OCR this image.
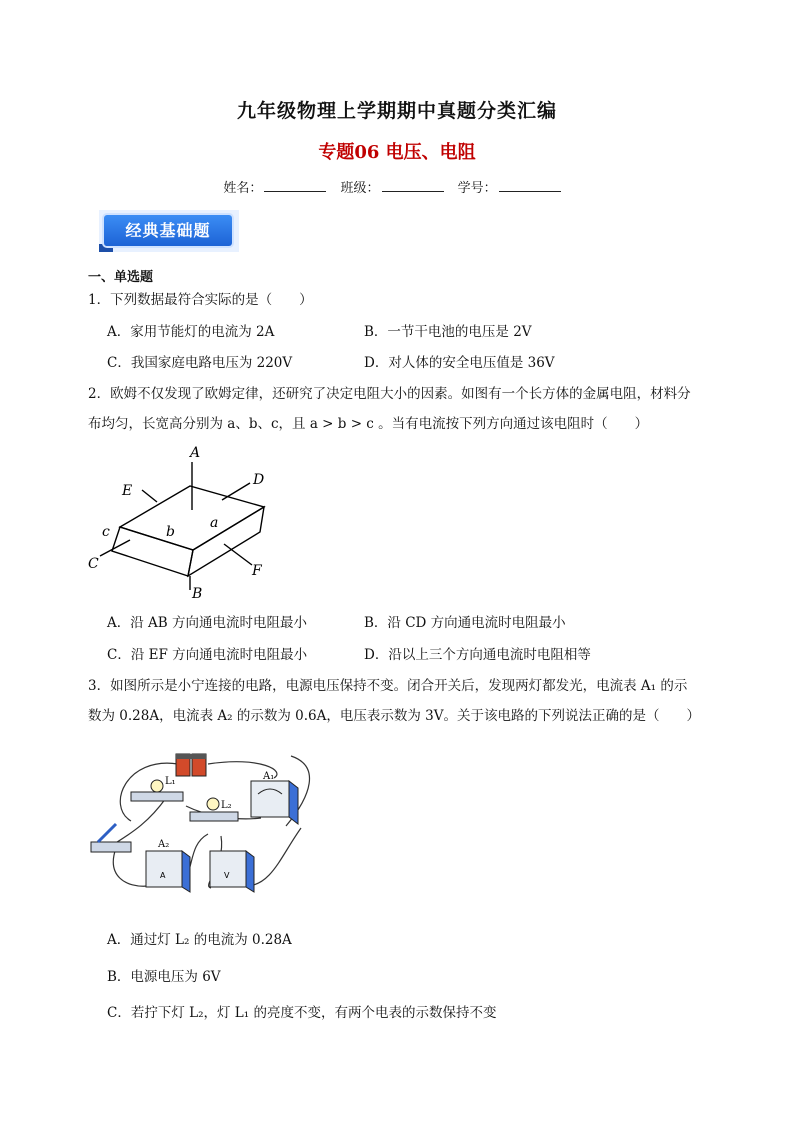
九年级物理上学期期中真题分类汇编
专题06 电压、电阻
姓名：	班级：	学号：
经典基础题
一、单选题
1．下列数据最符合实际的是（　　）
A．家用节能灯的电流为 2A	B．一节干电池的电压是 2V
C．我国家庭电路电压为 220V	D．对人体的安全电压值是 36V
2．欧姆不仅发现了欧姆定律，还研究了决定电阻大小的因素。如图有一个长方体的金属电阻，材料分
布均匀，长宽高分别为 a、b、c，且 a > b > c 。当有电流按下列方向通过该电阻时（　　）
A
B
C
D
E
F
a
b
c
A．沿 AB 方向通电流时电阻最小	B．沿 CD 方向通电流时电阻最小
C．沿 EF 方向通电流时电阻最小	D．沿以上三个方向通电流时电阻相等
3．如图所示是小宁连接的电路，电源电压保持不变。闭合开关后，发现两灯都发光，电流表 A₁ 的示
数为 0.28A，电流表 A₂ 的示数为 0.6A，电压表示数为 3V。关于该电路的下列说法正确的是（　　）
L₁
L₂
A₁
A₂
A	V
A．通过灯 L₂ 的电流为 0.28A
B．电源电压为 6V
C．若拧下灯 L₂，灯 L₁ 的亮度不变，有两个电表的示数保持不变
